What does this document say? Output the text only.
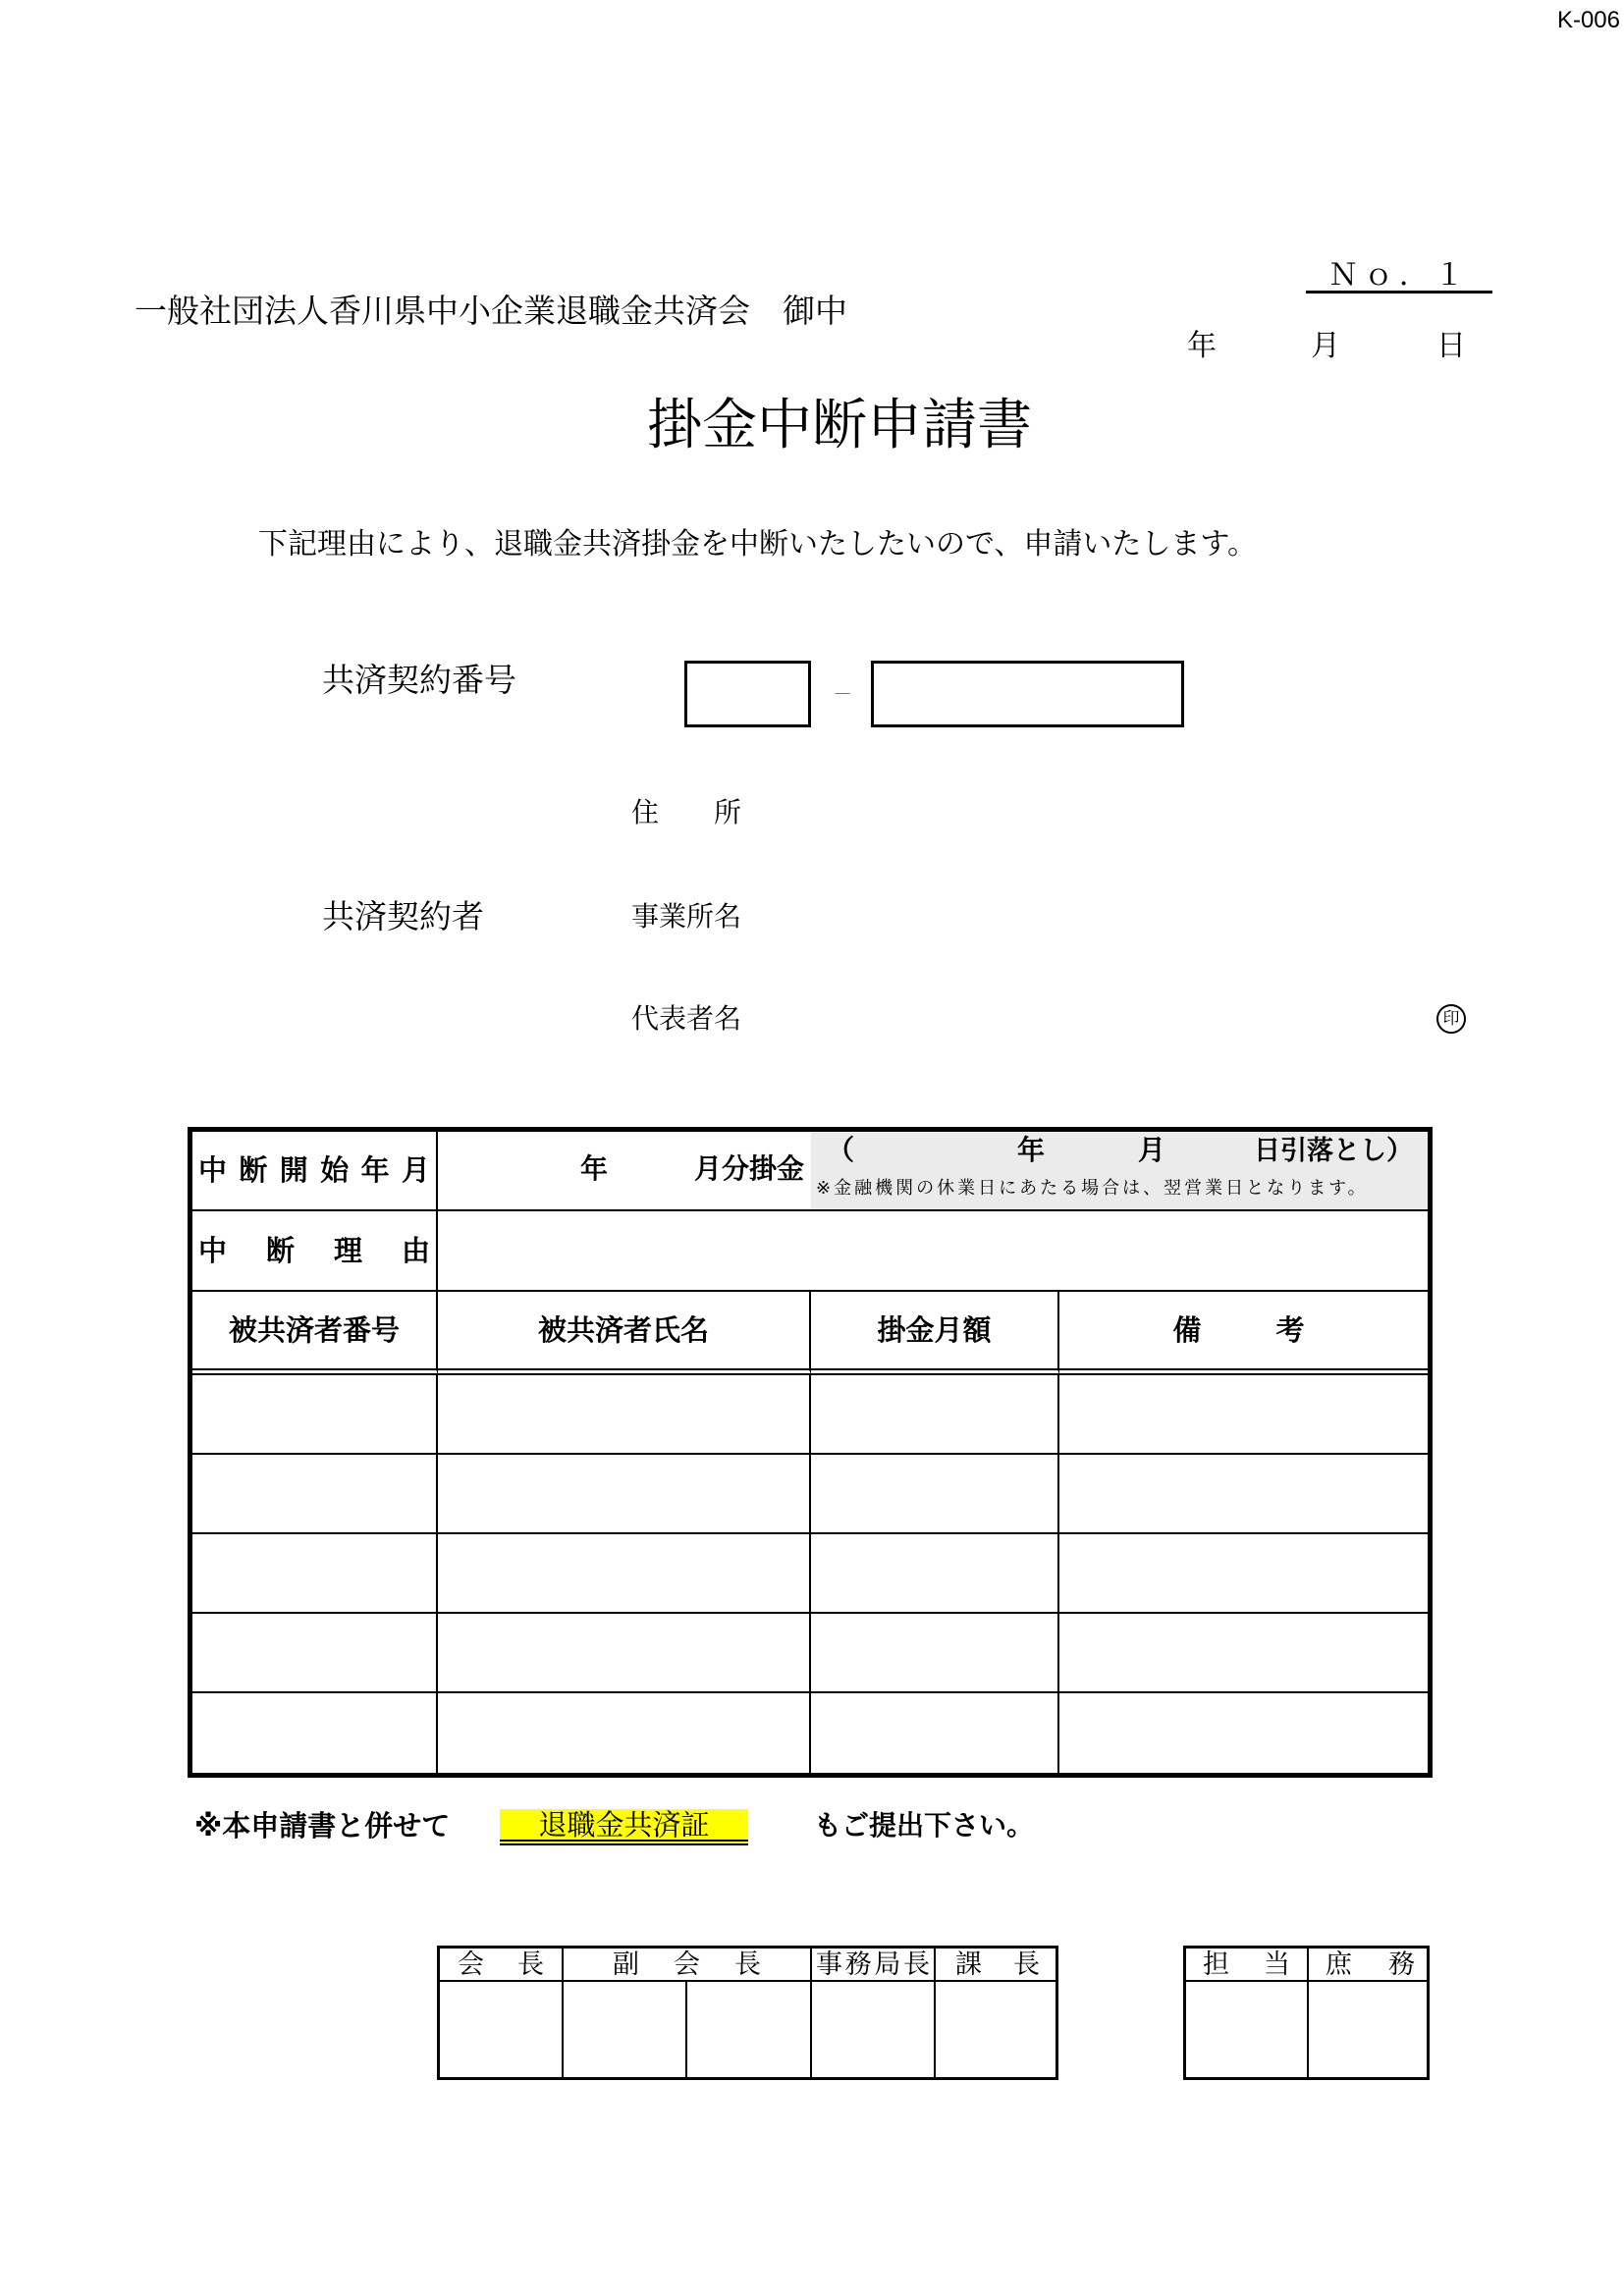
K-006
Ｎｏ．１
一般社団法人香川県中小企業退職金共済会　御中
年	月	日
掛金中断申請書
下記理由により、退職金共済掛金を中断いたしたいので、申請いたします。
共済契約番号	－
住　　所
共済契約者	事業所名
代表者名	印
中断開始年月	年	月分掛金
（	年	月	日引落とし）
※金融機関の休業日にあたる場合は、翌営業日となります。
中断理由
被共済者番号	被共済者氏名	掛金月額	備　　考
※本申請書と併せて	退職金共済証	もご提出下さい。
会　長	副　会　長	事務局長 課　長	担　当	庶　務
